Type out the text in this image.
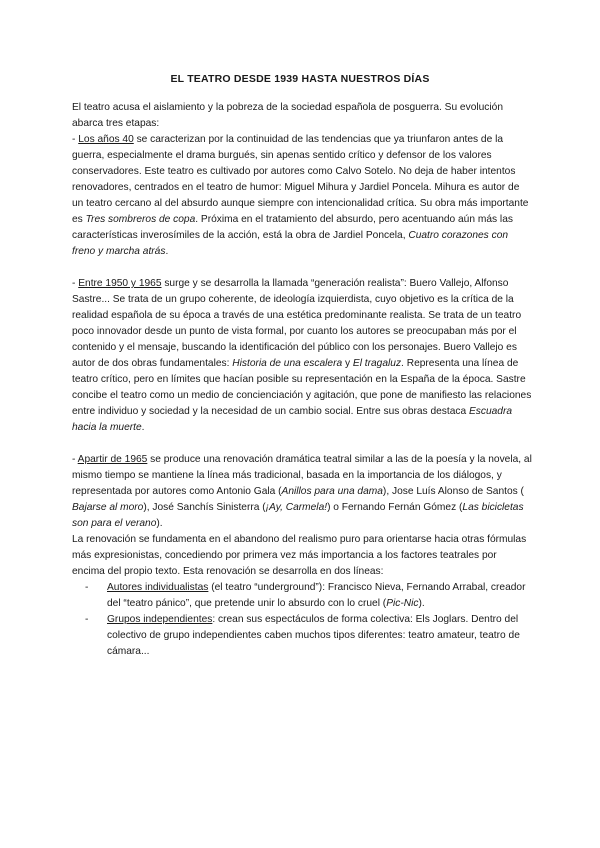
EL TEATRO DESDE 1939 HASTA NUESTROS DÍAS

El teatro acusa el aislamiento y la pobreza de la sociedad española de posguerra. Su evolución abarca tres etapas:

- Los años 40 se caracterizan por la continuidad de las tendencias que ya triunfaron antes de la guerra, especialmente el drama burgués, sin apenas sentido crítico y defensor de los valores conservadores. Este teatro es cultivado por autores como Calvo Sotelo. No deja de haber intentos renovadores, centrados en el teatro de humor: Miguel Mihura y Jardiel Poncela. Mihura es autor de un teatro cercano al del absurdo aunque siempre con intencionalidad crítica. Su obra más importante es Tres sombreros de copa. Próxima en el tratamiento del absurdo, pero acentuando aún más las características inverosímiles de la acción, está la obra de Jardiel Poncela, Cuatro corazones con freno y marcha atrás.

- Entre 1950 y 1965 surge y se desarrolla la llamada “generación realista”: Buero Vallejo, Alfonso Sastre... Se trata de un grupo coherente, de ideología izquierdista, cuyo objetivo es la crítica de la realidad española de su época a través de una estética predominante realista. Se trata de un teatro poco innovador desde un punto de vista formal, por cuanto los autores se preocupaban más por el contenido y el mensaje, buscando la identificación del público con los personajes. Buero Vallejo es autor de dos obras fundamentales: Historia de una escalera y El tragaluz. Representa una línea de teatro crítico, pero en límites que hacían posible su representación en la España de la época. Sastre concibe el teatro como un medio de concienciación y agitación, que pone de manifiesto las relaciones entre individuo y sociedad y la necesidad de un cambio social. Entre sus obras destaca Escuadra hacia la muerte.

- Apartir de 1965 se produce una renovación dramática teatral similar a las de la poesía y la novela, al mismo tiempo se mantiene la línea más tradicional, basada en la importancia de los diálogos, y representada por autores como Antonio Gala (Anillos para una dama), Jose Luís Alonso de Santos ( Bajarse al moro), José Sanchís Sinisterra (¡Ay, Carmela!) o Fernando Fernán Gómez (Las bicicletas son para el verano).

La renovación se fundamenta en el abandono del realismo puro para orientarse hacia otras fórmulas más expresionistas, concediendo por primera vez más importancia a los factores teatrales por encima del propio texto. Esta renovación se desarrolla en dos líneas:

- Autores individualistas (el teatro “underground”): Francisco Nieva, Fernando Arrabal, creador del “teatro pánico”, que pretende unir lo absurdo con lo cruel (Pic-Nic).
- Grupos independientes: crean sus espectáculos de forma colectiva: Els Joglars. Dentro del colectivo de grupo independientes caben muchos tipos diferentes: teatro amateur, teatro de cámara...
